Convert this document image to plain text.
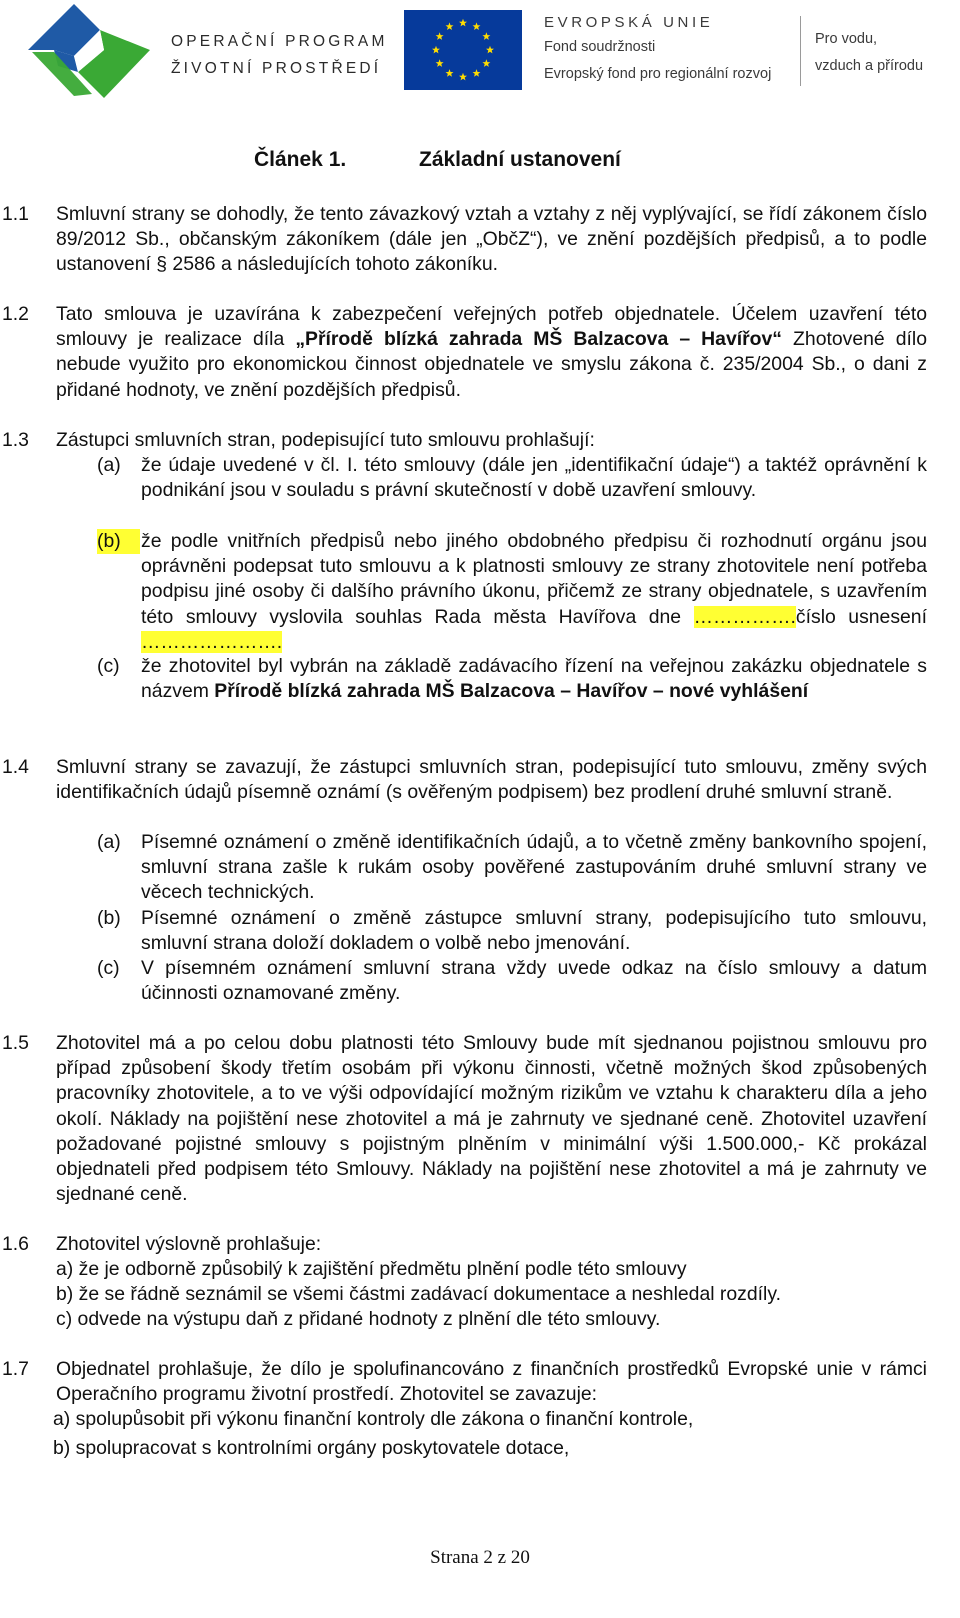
OPERAČNÍ PROGRAM
ŽIVOTNÍ PROSTŘEDÍ
EVROPSKÁ UNIE
Fond soudržnosti
Evropský fond pro regionální rozvoj
Pro vodu,
vzduch a přírodu
Článek 1.	Základní ustanovení
1.1 Smluvní strany se dohodly, že tento závazkový vztah a vztahy z něj vyplývající, se řídí zákonem číslo 89/2012 Sb., občanským zákoníkem (dále jen „ObčZ“), ve znění pozdějších předpisů, a to podle ustanovení § 2586 a následujících tohoto zákoníku.
1.2 Tato smlouva je uzavírána k zabezpečení veřejných potřeb objednatele. Účelem uzavření této smlouvy je realizace díla „Přírodě blízká zahrada MŠ Balzacova – Havířov“ Zhotovené dílo nebude využito pro ekonomickou činnost objednatele ve smyslu zákona č. 235/2004 Sb., o dani z přidané hodnoty, ve znění pozdějších předpisů.
1.3 Zástupci smluvních stran, podepisující tuto smlouvu prohlašují:
(a) že údaje uvedené v čl. I. této smlouvy (dále jen „identifikační údaje“) a taktéž oprávnění k podnikání jsou v souladu s právní skutečností v době uzavření smlouvy.
(b)	že podle vnitřních předpisů nebo jiného obdobného předpisu či rozhodnutí orgánu jsou oprávněni podepsat tuto smlouvu a k platnosti smlouvy ze strany zhotovitele není potřeba podpisu jiné osoby či dalšího právního úkonu, přičemž ze strany objednatele, s uzavřením této smlouvy vyslovila souhlas Rada města Havířova dne …………….číslo usnesení ………………….
(c) že zhotovitel byl vybrán na základě zadávacího řízení na veřejnou zakázku objednatele s názvem Přírodě blízká zahrada MŠ Balzacova – Havířov – nové vyhlášení
1.4 Smluvní strany se zavazují, že zástupci smluvních stran, podepisující tuto smlouvu, změny svých identifikačních údajů písemně oznámí (s ověřeným podpisem) bez prodlení druhé smluvní straně.
(a) Písemné oznámení o změně identifikačních údajů, a to včetně změny bankovního spojení, smluvní strana zašle k rukám osoby pověřené zastupováním druhé smluvní strany ve věcech technických.
(b) Písemné oznámení o změně zástupce smluvní strany, podepisujícího tuto smlouvu, smluvní strana doloží dokladem o volbě nebo jmenování.
(c) V písemném oznámení smluvní strana vždy uvede odkaz na číslo smlouvy a datum účinnosti oznamované změny.
1.5 Zhotovitel má a po celou dobu platnosti této Smlouvy bude mít sjednanou pojistnou smlouvu pro případ způsobení škody třetím osobám při výkonu činnosti, včetně možných škod způsobených pracovníky zhotovitele, a to ve výši odpovídající možným rizikům ve vztahu k charakteru díla a jeho okolí. Náklady na pojištění nese zhotovitel a má je zahrnuty ve sjednané ceně. Zhotovitel uzavření požadované pojistné smlouvy s pojistným plněním v minimální výši 1.500.000,- Kč prokázal objednateli před podpisem této Smlouvy. Náklady na pojištění nese zhotovitel a má je zahrnuty ve sjednané ceně.
1.6 Zhotovitel výslovně prohlašuje:
a) že je odborně způsobilý k zajištění předmětu plnění podle této smlouvy
b) že se řádně seznámil se všemi částmi zadávací dokumentace a neshledal rozdíly.
c) odvede na výstupu daň z přidané hodnoty z plnění dle této smlouvy.
1.7 Objednatel prohlašuje, že dílo je spolufinancováno z finančních prostředků Evropské unie v rámci Operačního programu životní prostředí. Zhotovitel se zavazuje:
a) spolupůsobit při výkonu finanční kontroly dle zákona o finanční kontrole,
b) spolupracovat s kontrolními orgány poskytovatele dotace,
Strana 2 z 20
